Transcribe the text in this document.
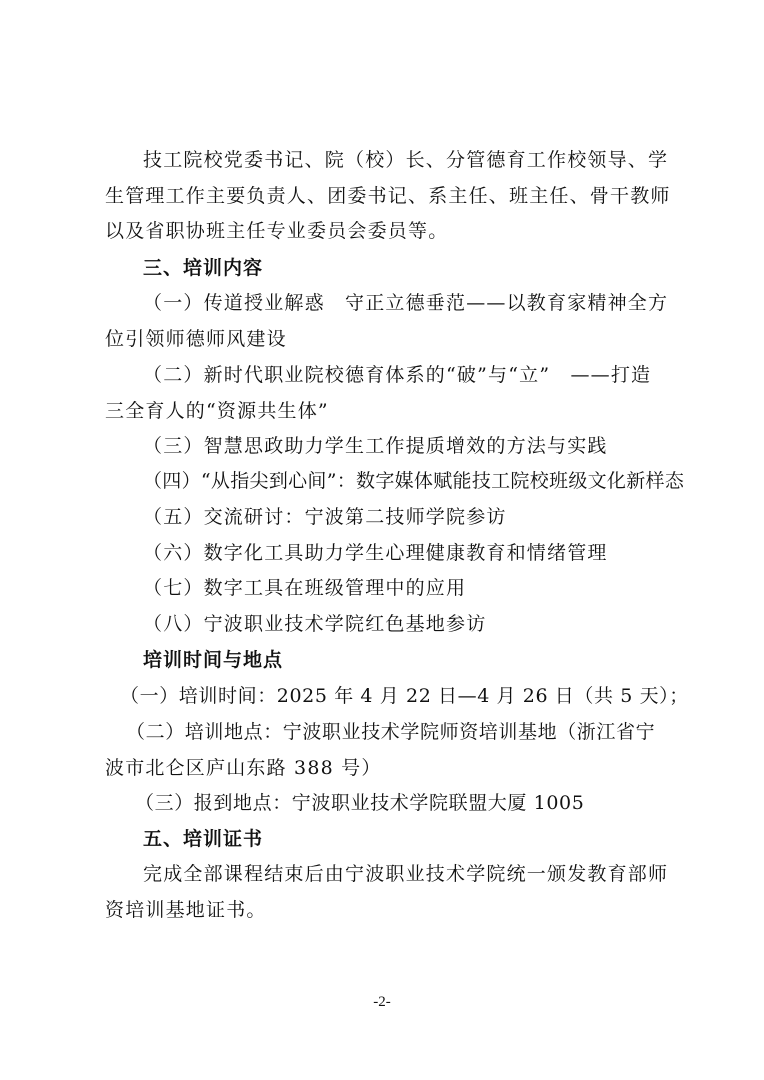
技工院校党委书记、院（校）长、分管德育工作校领导、学
生管理工作主要负责人、团委书记、系主任、班主任、骨干教师
以及省职协班主任专业委员会委员等。
三、培训内容
（一）传道授业解惑　守正立德垂范——以教育家精神全方
位引领师德师风建设
（二）新时代职业院校德育体系的“破”与“立”　——打造
三全育人的“资源共生体”
（三）智慧思政助力学生工作提质增效的方法与实践
（四）“从指尖到心间”：数字媒体赋能技工院校班级文化新样态
（五）交流研讨：宁波第二技师学院参访
（六）数字化工具助力学生心理健康教育和情绪管理
（七）数字工具在班级管理中的应用
（八）宁波职业技术学院红色基地参访
培训时间与地点
（一）培训时间：2025 年 4 月 22 日—4 月 26 日（共 5 天）；
（二）培训地点：宁波职业技术学院师资培训基地（浙江省宁
波市北仑区庐山东路 388 号）
（三）报到地点：宁波职业技术学院联盟大厦 1005
五、培训证书
完成全部课程结束后由宁波职业技术学院统一颁发教育部师
资培训基地证书。
-2-
